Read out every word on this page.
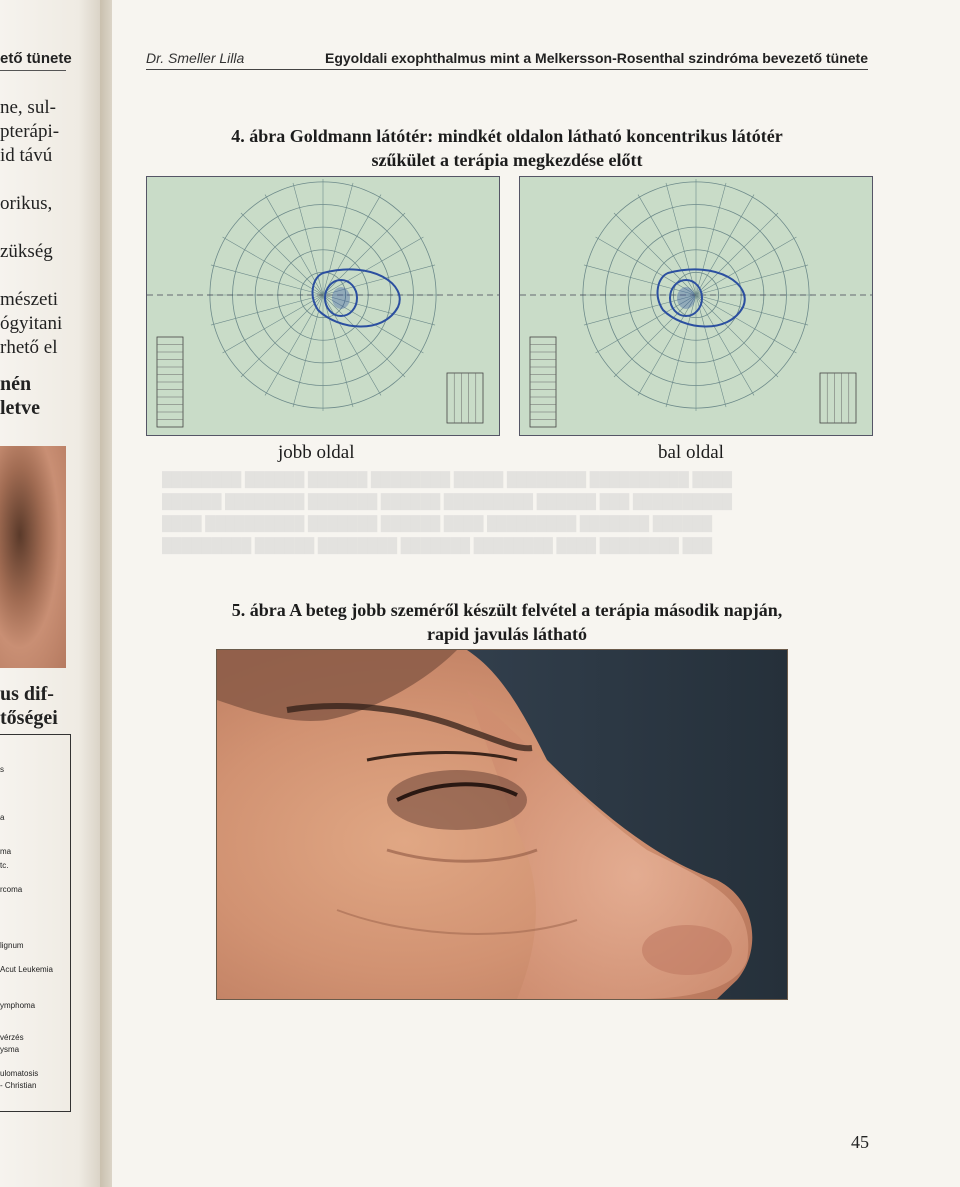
ető tünete
ne, sul-
pterápi-
id távú

orikus,

zükség

mészeti
ógyitani
rhető el
nén
letve
us dif-
tőségei
s
a
ma
tc.
rcoma
lignum
Acut Leukemia
ymphoma
vérzés
ysma
ulomatosis
- Christian
Dr. Smeller Lilla	Egyoldali exophthalmus mint a Melkersson-Rosenthal szindróma bevezető tünete
████████ ██████ ██████ ████████ █████ ████████ ██████████ ████
██████ ████████ ███████ ██████ █████████ ██████ ███ ██████████
████ ██████████ ███████ ██████ ████ █████████ ███████ ██████
█████████ ██████ ████████ ███████ ████████ ████ ████████ ███
4. ábra Goldmann látótér: mindkét oldalon látható koncentrikus látótér
szűkület a terápia megkezdése előtt
jobb oldal	bal oldal
5. ábra A beteg jobb szeméről készült felvétel a terápia második napján,
rapid javulás látható
45
